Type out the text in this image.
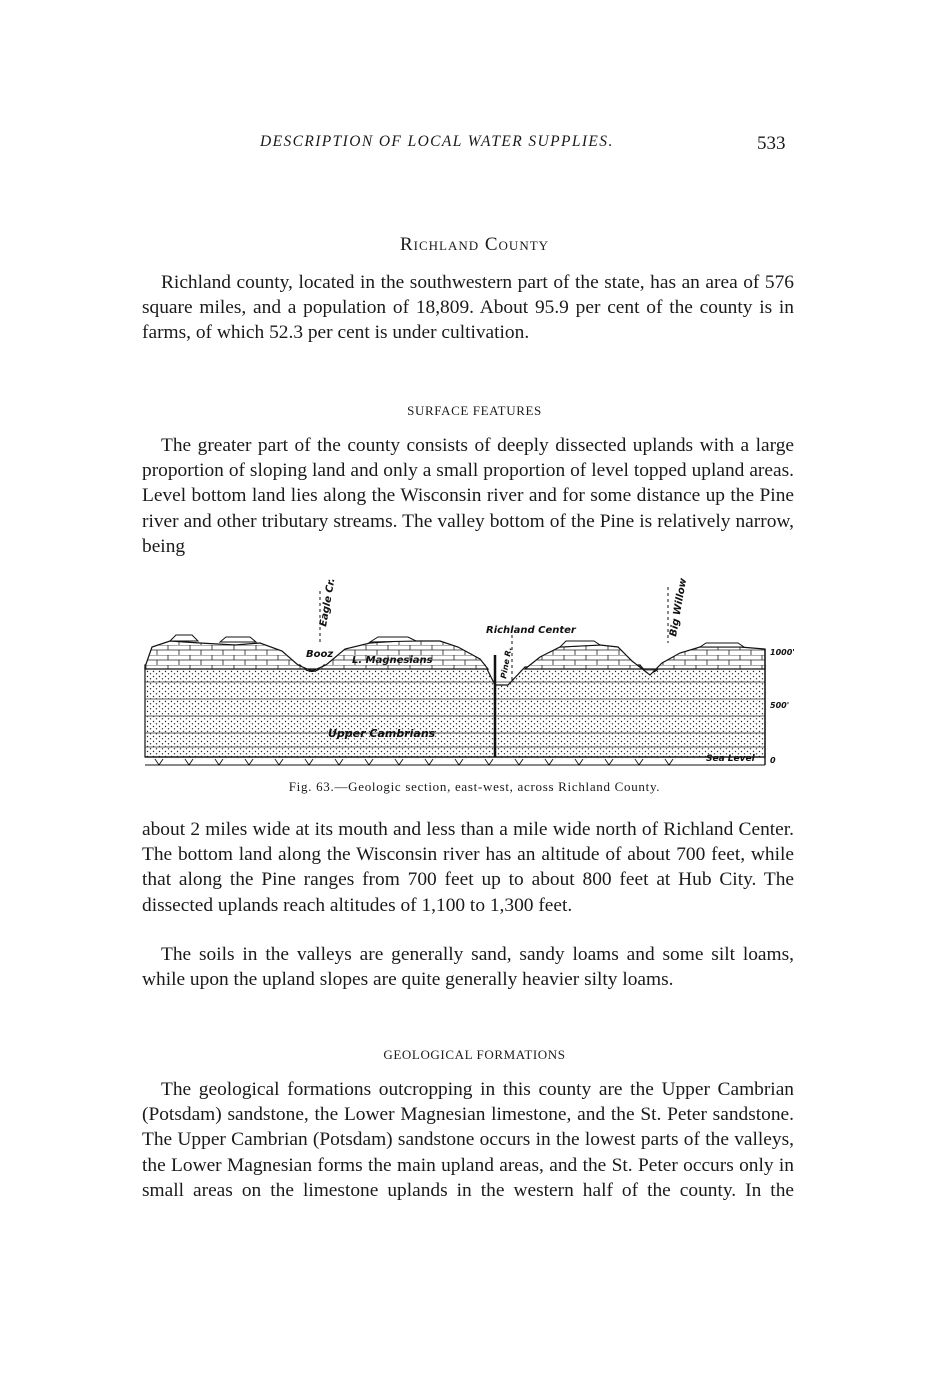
DESCRIPTION OF LOCAL WATER SUPPLIES.	533
Richland County

Richland county, located in the southwestern part of the state, has an area of 576 square miles, and a population of 18,809. About 95.9 per cent of the county is in farms, of which 52.3 per cent is under cultivation.

SURFACE FEATURES

The greater part of the county consists of deeply dissected uplands with a large proportion of sloping land and only a small proportion of level topped upland areas. Level bottom land lies along the Wisconsin river and for some distance up the Pine river and other tributary streams. The valley bottom of the Pine is relatively narrow, being

Eagle Cr.	Big Willow Cr.
Richland Center
Pine R.
Booz
L. Magnesians
Upper Cambrians
Sea Level
1000'
500'
0
Fig. 63.—Geologic section, east-west, across Richland County.

about 2 miles wide at its mouth and less than a mile wide north of Richland Center. The bottom land along the Wisconsin river has an altitude of about 700 feet, while that along the Pine ranges from 700 feet up to about 800 feet at Hub City. The dissected uplands reach altitudes of 1,100 to 1,300 feet.

The soils in the valleys are generally sand, sandy loams and some silt loams, while upon the upland slopes are quite generally heavier silty loams.

GEOLOGICAL FORMATIONS

The geological formations outcropping in this county are the Upper Cambrian (Potsdam) sandstone, the Lower Magnesian limestone, and the St. Peter sandstone. The Upper Cambrian (Potsdam) sandstone occurs in the lowest parts of the valleys, the Lower Magnesian forms the main upland areas, and the St. Peter occurs only in small areas on the limestone uplands in the western half of the county. In the
